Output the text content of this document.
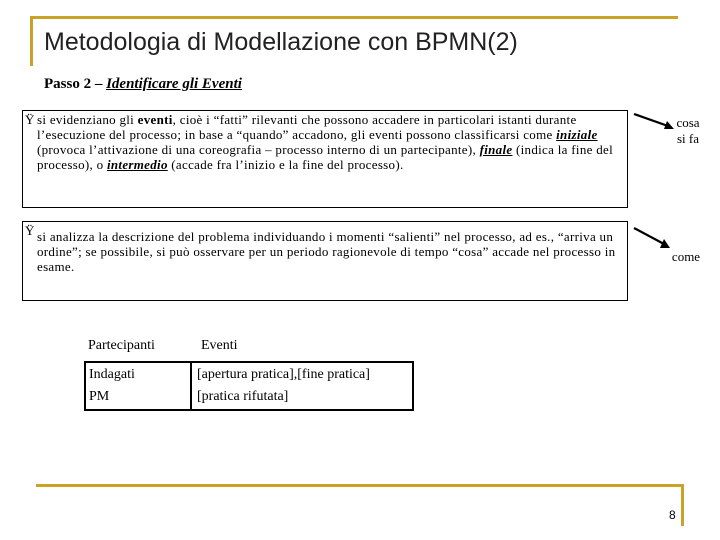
Metodologia di Modellazione con BPMN(2)
Passo 2 – Identificare gli Eventi
Ÿ si evidenziano gli eventi, cioè i “fatti” rilevanti che possono accadere in particolari istanti durante l’esecuzione del processo; in base a “quando” accadono, gli eventi possono classificarsi come iniziale (provoca l’attivazione di una coreografia – processo interno di un partecipante), finale (indica la fine del processo), o intermedio (accade fra l’inizio e la fine del processo).
Ÿ si analizza la descrizione del problema individuando i momenti “salienti” nel processo, ad es., “arriva un ordine”; se possibile, si può osservare per un periodo ragionevole di tempo “cosa” accade nel processo in esame.
cosa
si fa
come
Partecipanti	Eventi
Indagati
PM
[apertura pratica],[fine pratica]
[pratica rifutata]
8
